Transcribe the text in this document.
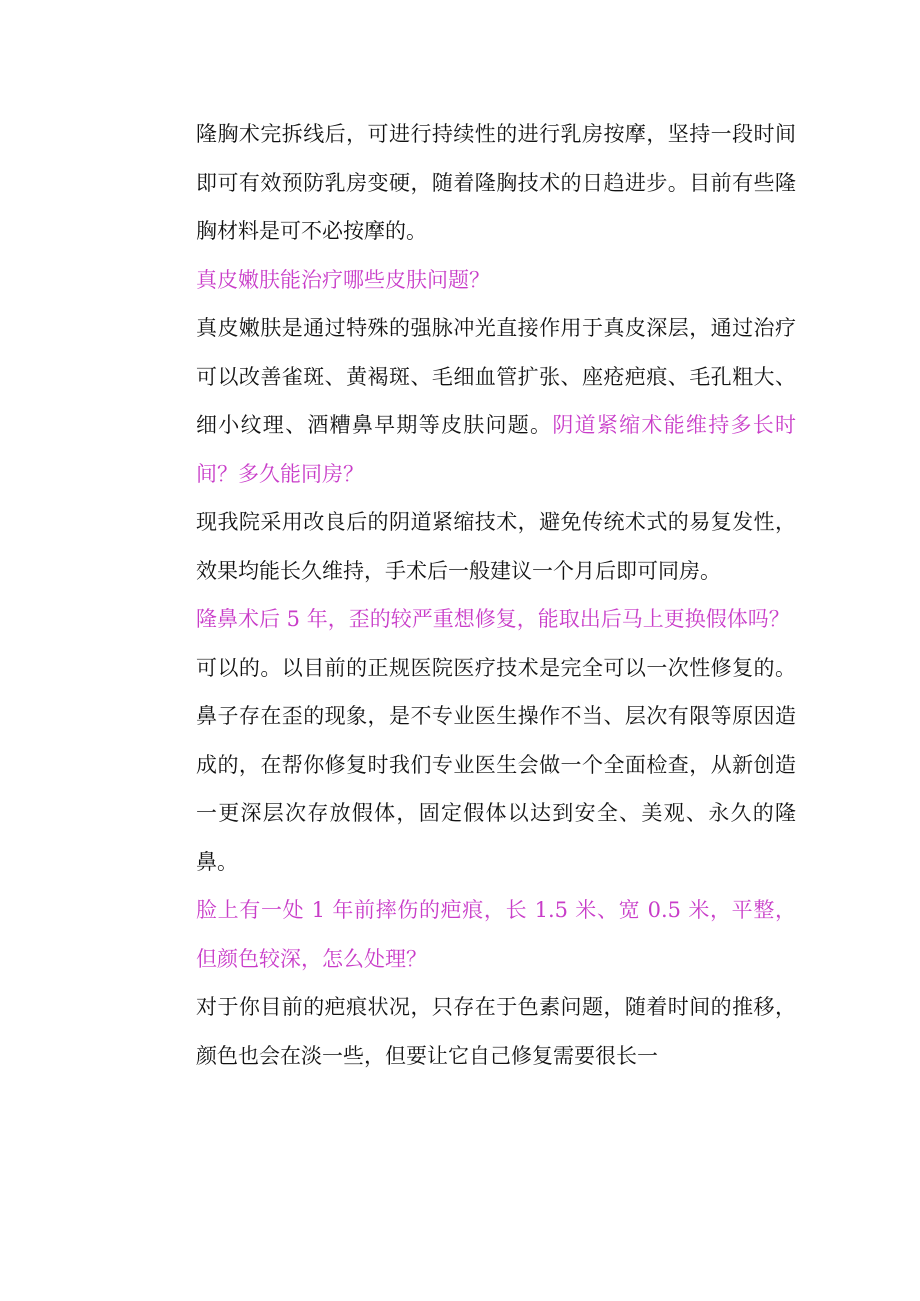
隆胸术完拆线后，可进行持续性的进行乳房按摩，坚持一段时间即可有效预防乳房变硬，随着隆胸技术的日趋进步。目前有些隆胸材料是可不必按摩的。

真皮嫩肤能治疗哪些皮肤问题？

真皮嫩肤是通过特殊的强脉冲光直接作用于真皮深层，通过治疗可以改善雀斑、黄褐斑、毛细血管扩张、座疮疤痕、毛孔粗大、细小纹理、酒糟鼻早期等皮肤问题。阴道紧缩术能维持多长时间？多久能同房？

现我院采用改良后的阴道紧缩技术，避免传统术式的易复发性，效果均能长久维持，手术后一般建议一个月后即可同房。

隆鼻术后 5 年，歪的较严重想修复，能取出后马上更换假体吗？

可以的。以目前的正规医院医疗技术是完全可以一次性修复的。鼻子存在歪的现象，是不专业医生操作不当、层次有限等原因造成的，在帮你修复时我们专业医生会做一个全面检查，从新创造一更深层次存放假体，固定假体以达到安全、美观、永久的隆鼻。

脸上有一处 1 年前摔伤的疤痕，长 1.5 米、宽 0.5 米，平整，但颜色较深，怎么处理？

对于你目前的疤痕状况，只存在于色素问题，随着时间的推移，颜色也会在淡一些，但要让它自己修复需要很长一
